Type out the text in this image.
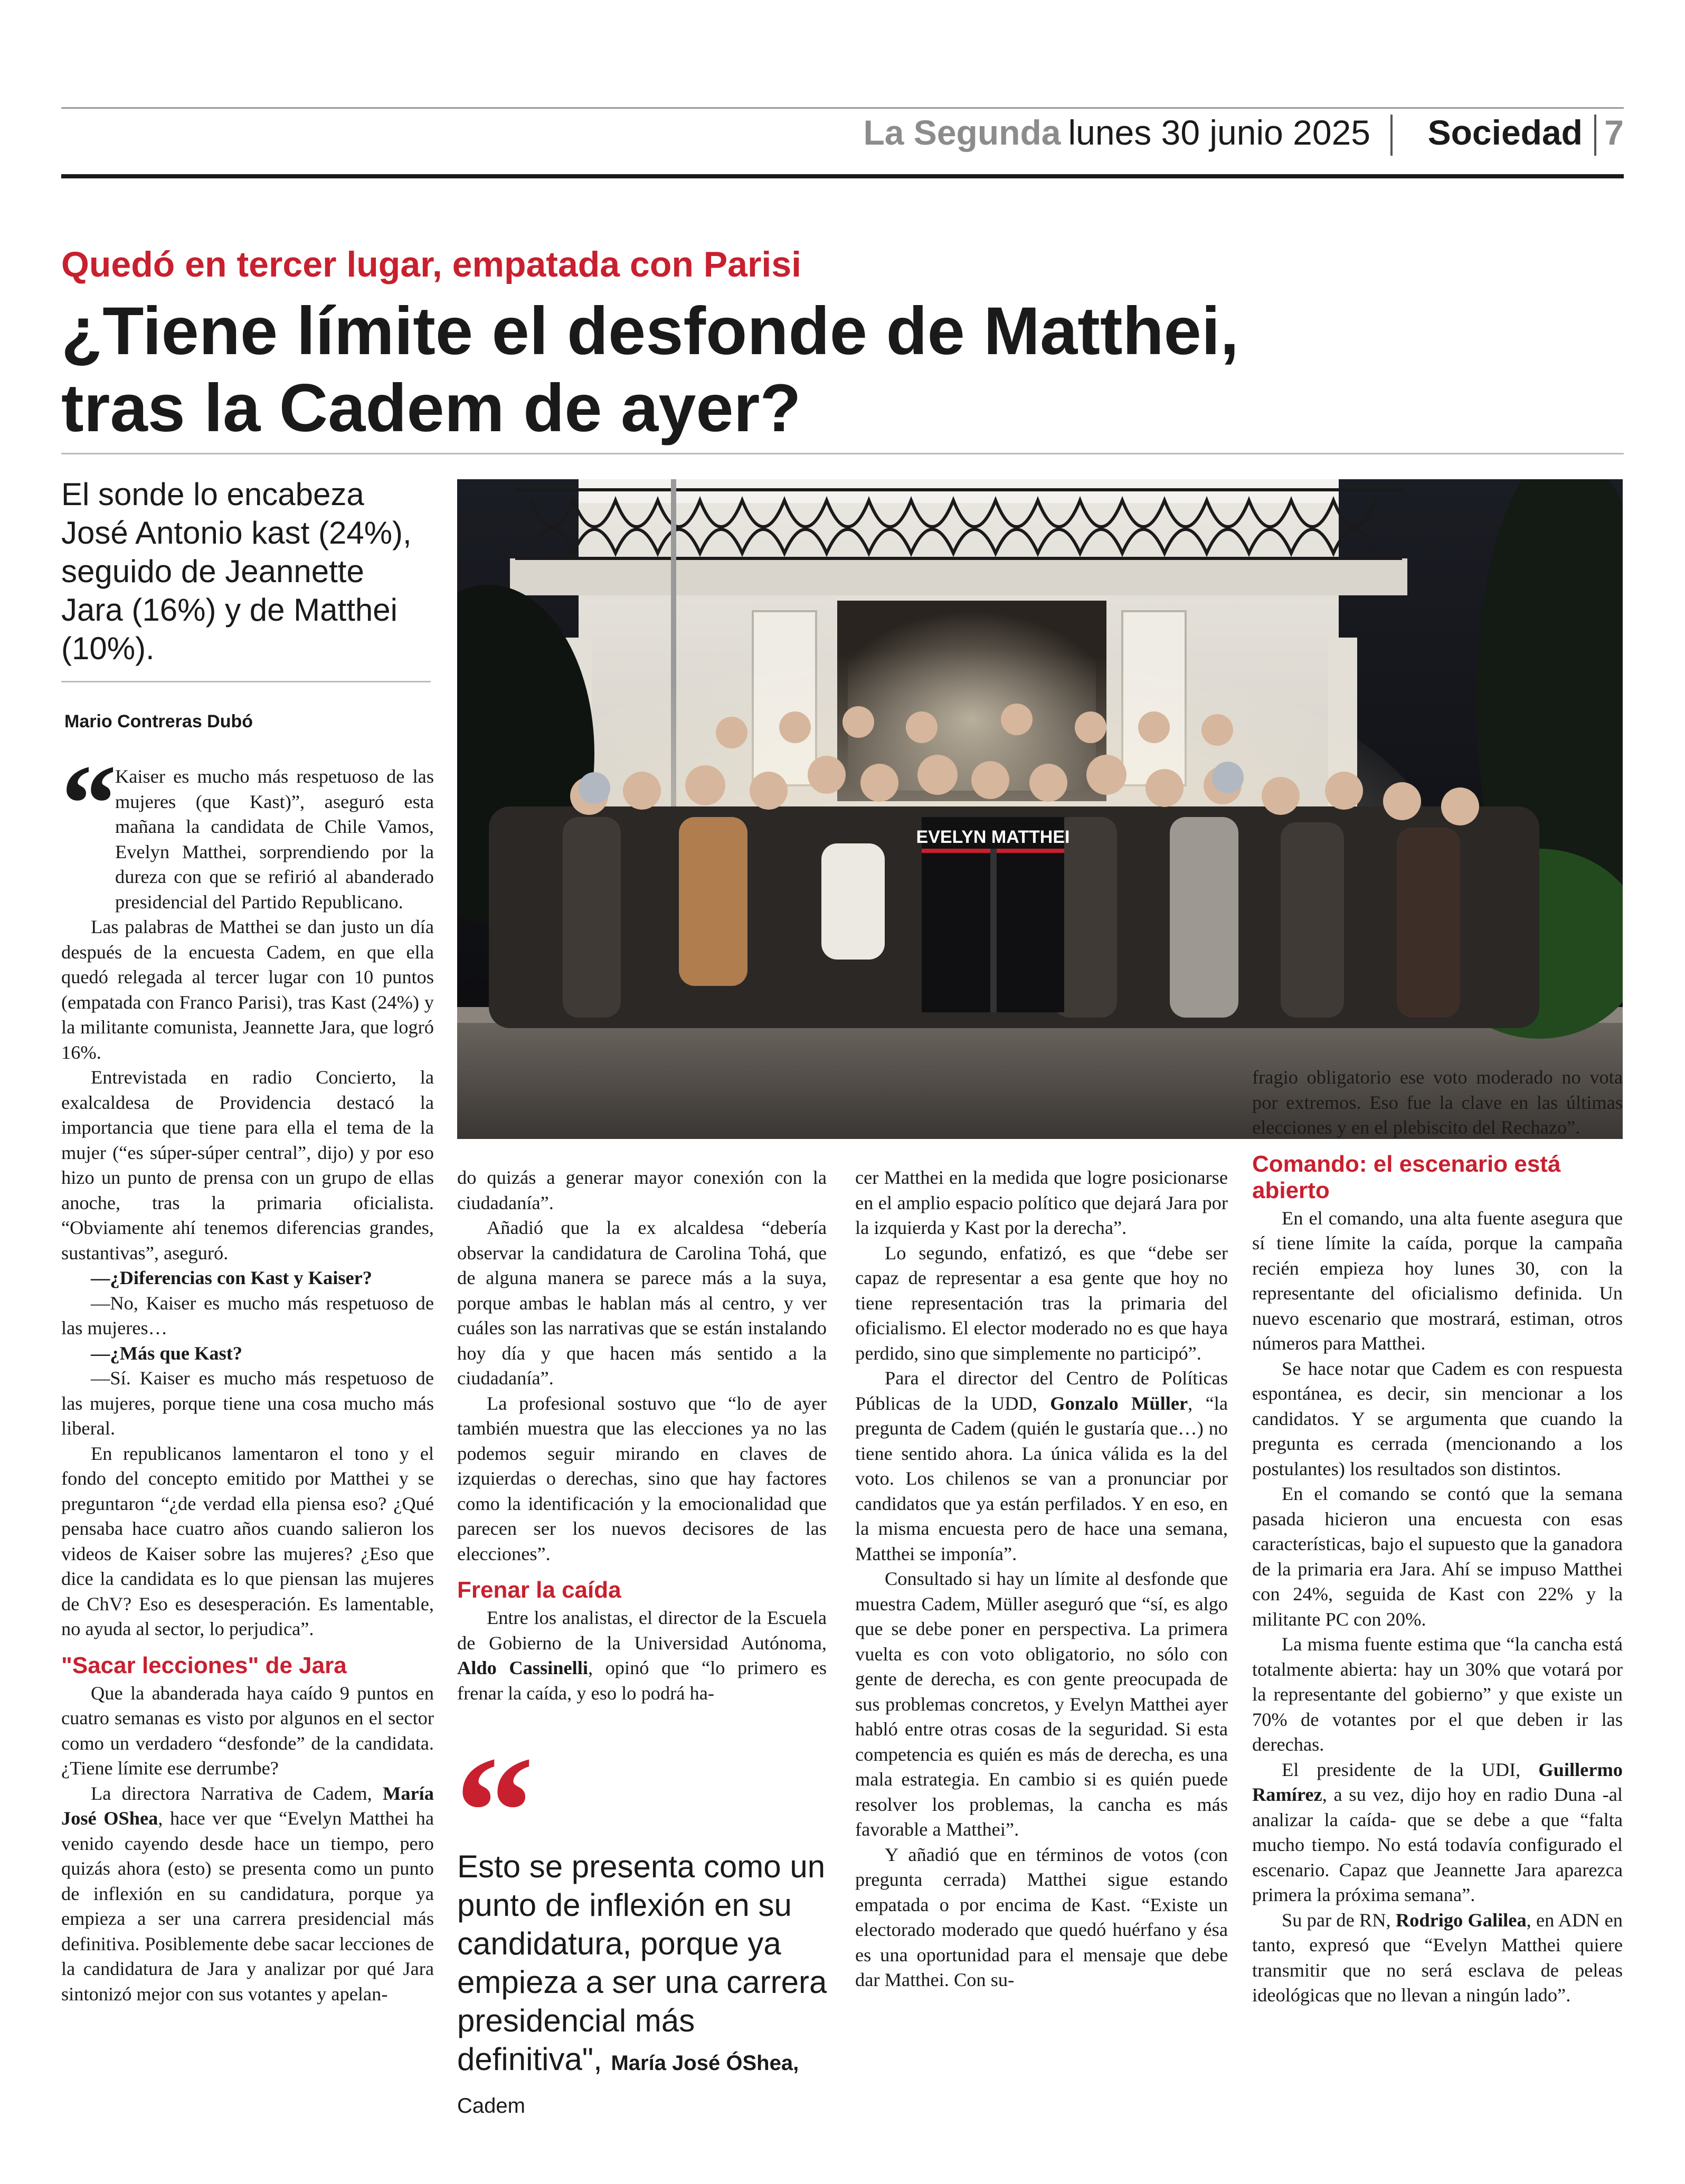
La Segunda lunes 30 junio 2025 Sociedad 7
Quedó en tercer lugar, empatada con Parisi
¿Tiene límite el desfonde de Matthei,
tras la Cadem de ayer?
El sonde lo encabeza José Antonio kast (24%), seguido de Jeannette Jara (16%) y de Matthei (10%).
Mario Contreras Dubó
EVELYN MATTHEI
“

Kaiser es mucho más respetuoso de las mujeres (que Kast)”, aseguró esta mañana la candidata de Chile Vamos, Evelyn Matthei, sorprendiendo por la dureza con que se refirió al abanderado presidencial del Partido Republicano.

Las palabras de Matthei se dan justo un día después de la encuesta Cadem, en que ella quedó relegada al tercer lugar con 10 puntos (empatada con Franco Parisi), tras Kast (24%) y la militante comunista, Jeannette Jara, que logró 16%.

Entrevistada en radio Concierto, la exalcaldesa de Providencia destacó la importancia que tiene para ella el tema de la mujer (“es súper-súper central”, dijo) y por eso hizo un punto de prensa con un grupo de ellas anoche, tras la primaria oficialista. “Obviamente ahí tenemos diferencias grandes, sustantivas”, aseguró.

—¿Diferencias con Kast y Kaiser?

—No, Kaiser es mucho más respetuoso de las mujeres…

—¿Más que Kast?

—Sí. Kaiser es mucho más respetuoso de las mujeres, porque tiene una cosa mucho más liberal.

En republicanos lamentaron el tono y el fondo del concepto emitido por Matthei y se preguntaron “¿de verdad ella piensa eso? ¿Qué pensaba hace cuatro años cuando salieron los videos de Kaiser sobre las mujeres? ¿Eso que dice la candidata es lo que piensan las mujeres de ChV? Eso es desesperación. Es lamentable, no ayuda al sector, lo perjudica”.

"Sacar lecciones" de Jara

Que la abanderada haya caído 9 puntos en cuatro semanas es visto por algunos en el sector como un verdadero “desfonde” de la candidata. ¿Tiene límite ese derrumbe?

La directora Narrativa de Cadem, María José OShea, hace ver que “Evelyn Matthei ha venido cayendo desde hace un tiempo, pero quizás ahora (esto) se presenta como un punto de inflexión en su candidatura, porque ya empieza a ser una carrera presidencial más definitiva. Posiblemente debe sacar lecciones de la candidatura de Jara y analizar por qué Jara sintonizó mejor con sus votantes y apelan-

do quizás a generar mayor conexión con la ciudadanía”.

Añadió que la ex alcaldesa “debería observar la candidatura de Carolina Tohá, que de alguna manera se parece más a la suya, porque ambas le hablan más al centro, y ver cuáles son las narrativas que se están instalando hoy día y que hacen más sentido a la ciudadanía”.

La profesional sostuvo que “lo de ayer también muestra que las elecciones ya no las podemos seguir mirando en claves de izquierdas o derechas, sino que hay factores como la identificación y la emocionalidad que parecen ser los nuevos decisores de las elecciones”.

Frenar la caída

Entre los analistas, el director de la Escuela de Gobierno de la Universidad Autónoma, Aldo Cassinelli, opinó que “lo primero es frenar la caída, y eso lo podrá ha-

“
Esto se presenta como un punto de inflexión en su candidatura, porque ya empieza a ser una carrera presidencial más definitiva", María José ÓShea,
Cadem

cer Matthei en la medida que logre posicionarse en el amplio espacio político que dejará Jara por la izquierda y Kast por la derecha”.

Lo segundo, enfatizó, es que “debe ser capaz de representar a esa gente que hoy no tiene representación tras la primaria del oficialismo. El elector moderado no es que haya perdido, sino que simplemente no participó”.

Para el director del Centro de Políticas Públicas de la UDD, Gonzalo Müller, “la pregunta de Cadem (quién le gustaría que…) no tiene sentido ahora. La única válida es la del voto. Los chilenos se van a pronunciar por candidatos que ya están perfilados. Y en eso, en la misma encuesta pero de hace una semana, Matthei se imponía”.

Consultado si hay un límite al desfonde que muestra Cadem, Müller aseguró que “sí, es algo que se debe poner en perspectiva. La primera vuelta es con voto obligatorio, no sólo con gente de derecha, es con gente preocupada de sus problemas concretos, y Evelyn Matthei ayer habló entre otras cosas de la seguridad. Si esta competencia es quién es más de derecha, es una mala estrategia. En cambio si es quién puede resolver los problemas, la cancha es más favorable a Matthei”.

Y añadió que en términos de votos (con pregunta cerrada) Matthei sigue estando empatada o por encima de Kast. “Existe un electorado moderado que quedó huérfano y ésa es una oportunidad para el mensaje que debe dar Matthei. Con su-

fragio obligatorio ese voto moderado no vota por extremos. Eso fue la clave en las últimas elecciones y en el plebiscito del Rechazo”.

Comando: el escenario está abierto

En el comando, una alta fuente asegura que sí tiene límite la caída, porque la campaña recién empieza hoy lunes 30, con la representante del oficialismo definida. Un nuevo escenario que mostrará, estiman, otros números para Matthei.

Se hace notar que Cadem es con respuesta espontánea, es decir, sin mencionar a los candidatos. Y se argumenta que cuando la pregunta es cerrada (mencionando a los postulantes) los resultados son distintos.

En el comando se contó que la semana pasada hicieron una encuesta con esas características, bajo el supuesto que la ganadora de la primaria era Jara. Ahí se impuso Matthei con 24%, seguida de Kast con 22% y la militante PC con 20%.

La misma fuente estima que “la cancha está totalmente abierta: hay un 30% que votará por la representante del gobierno” y que existe un 70% de votantes por el que deben ir las derechas.

El presidente de la UDI, Guillermo Ramírez, a su vez, dijo hoy en radio Duna -al analizar la caída- que se debe a que “falta mucho tiempo. No está todavía configurado el escenario. Capaz que Jeannette Jara aparezca primera la próxima semana”.

Su par de RN, Rodrigo Galilea, en ADN en tanto, expresó que “Evelyn Matthei quiere transmitir que no será esclava de peleas ideológicas que no llevan a ningún lado”.
